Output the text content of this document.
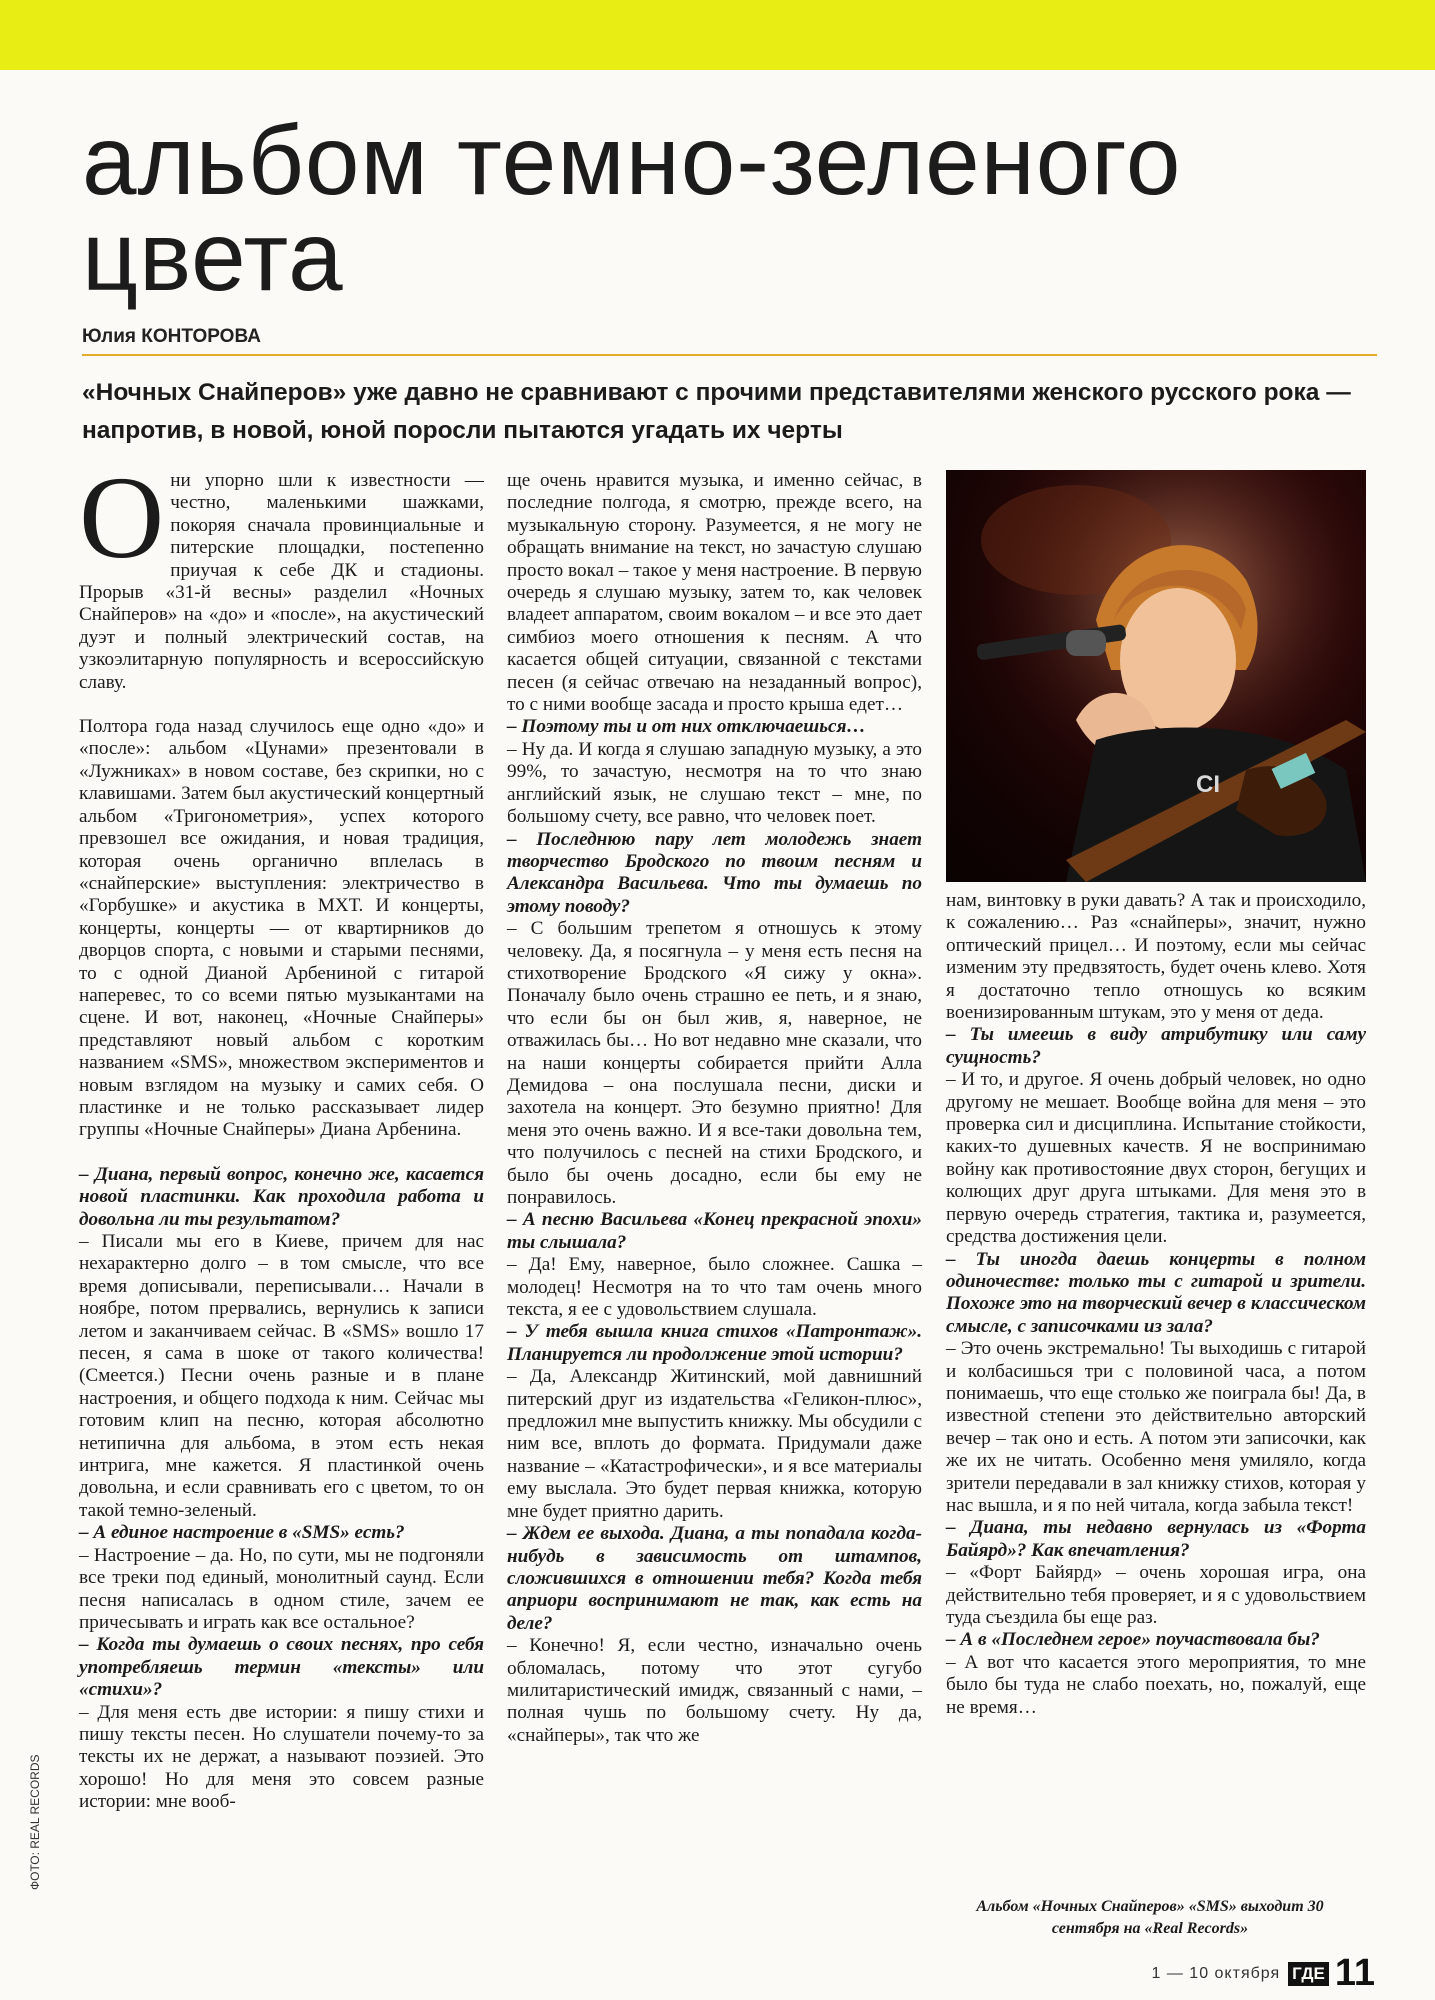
альбом темно-зеленого
цвета
Юлия КОНТОРОВА

«Ночных Снайперов» уже давно не сравнивают с прочими представителями женского русского рока — напротив, в новой, юной поросли пытаются угадать их черты

Они упорно шли к известности — честно, маленькими шажками, покоряя сначала провинциальные и питерские площадки, постепенно приучая к себе ДК и стадионы. Прорыв «31-й весны» разделил «Ночных Снайперов» на «до» и «после», на акустический дуэт и полный электрический состав, на узкоэлитарную популярность и всероссийскую славу.

Полтора года назад случилось еще одно «до» и «после»: альбом «Цунами» презентовали в «Лужниках» в новом составе, без скрипки, но с клавишами. Затем был акустический концертный альбом «Тригонометрия», успех которого превзошел все ожидания, и новая традиция, которая очень органично вплелась в «снайперские» выступления: электричество в «Горбушке» и акустика в МХТ. И концерты, концерты, концерты — от квартирников до дворцов спорта, с новыми и старыми песнями, то с одной Дианой Арбениной с гитарой наперевес, то со всеми пятью музыкантами на сцене. И вот, наконец, «Ночные Снайперы» представляют новый альбом с коротким названием «SMS», множеством экспериментов и новым взглядом на музыку и самих себя. О пластинке и не только рассказывает лидер группы «Ночные Снайперы» Диана Арбенина.

– Диана, первый вопрос, конечно же, касается новой пластинки. Как проходила работа и довольна ли ты результатом?

– Писали мы его в Киеве, причем для нас нехарактерно долго – в том смысле, что все время дописывали, переписывали… Начали в ноябре, потом прервались, вернулись к записи летом и заканчиваем сейчас. В «SMS» вошло 17 песен, я сама в шоке от такого количества! (Смеется.) Песни очень разные и в плане настроения, и общего подхода к ним. Сейчас мы готовим клип на песню, которая абсолютно нетипична для альбома, в этом есть некая интрига, мне кажется. Я пластинкой очень довольна, и если сравнивать его с цветом, то он такой темно-зеленый.

– А единое настроение в «SMS» есть?

– Настроение – да. Но, по сути, мы не подгоняли все треки под единый, монолитный саунд. Если песня написалась в одном стиле, зачем ее причесывать и играть как все остальное?

– Когда ты думаешь о своих песнях, про себя употребляешь термин «тексты» или «стихи»?

– Для меня есть две истории: я пишу стихи и пишу тексты песен. Но слушатели почему-то за тексты их не держат, а называют поэзией. Это хорошо! Но для меня это совсем разные истории: мне вооб-

ще очень нравится музыка, и именно сейчас, в последние полгода, я смотрю, прежде всего, на музыкальную сторону. Разумеется, я не могу не обращать внимание на текст, но зачастую слушаю просто вокал – такое у меня настроение. В первую очередь я слушаю музыку, затем то, как человек владеет аппаратом, своим вокалом – и все это дает симбиоз моего отношения к песням. А что касается общей ситуации, связанной с текстами песен (я сейчас отвечаю на незаданный вопрос), то с ними вообще засада и просто крыша едет…

– Поэтому ты и от них отключаешься…

– Ну да. И когда я слушаю западную музыку, а это 99%, то зачастую, несмотря на то что знаю английский язык, не слушаю текст – мне, по большому счету, все равно, что человек поет.

– Последнюю пару лет молодежь знает творчество Бродского по твоим песням и Александра Васильева. Что ты думаешь по этому поводу?

– С большим трепетом я отношусь к этому человеку. Да, я посягнула – у меня есть песня на стихотворение Бродского «Я сижу у окна». Поначалу было очень страшно ее петь, и я знаю, что если бы он был жив, я, наверное, не отважилась бы… Но вот недавно мне сказали, что на наши концерты собирается прийти Алла Демидова – она послушала песни, диски и захотела на концерт. Это безумно приятно! Для меня это очень важно. И я все-таки довольна тем, что получилось с песней на стихи Бродского, и было бы очень досадно, если бы ему не понравилось.

– А песню Васильева «Конец прекрасной эпохи» ты слышала?

– Да! Ему, наверное, было сложнее. Сашка – молодец! Несмотря на то что там очень много текста, я ее с удовольствием слушала.

– У тебя вышла книга стихов «Патронтаж». Планируется ли продолжение этой истории?

– Да, Александр Житинский, мой давнишний питерский друг из издательства «Геликон-плюс», предложил мне выпустить книжку. Мы обсудили с ним все, вплоть до формата. Придумали даже название – «Катастрофически», и я все материалы ему выслала. Это будет первая книжка, которую мне будет приятно дарить.

– Ждем ее выхода. Диана, а ты попадала когда-нибудь в зависимость от штампов, сложившихся в отношении тебя? Когда тебя априори воспринимают не так, как есть на деле?

– Конечно! Я, если честно, изначально очень обломалась, потому что этот сугубо милитаристический имидж, связанный с нами, – полная чушь по большому счету. Ну да, «снайперы», так что же

CI

нам, винтовку в руки давать? А так и происходило, к сожалению… Раз «снайперы», значит, нужно оптический прицел… И поэтому, если мы сейчас изменим эту предвзятость, будет очень клево. Хотя я достаточно тепло отношусь ко всяким военизированным штукам, это у меня от деда.

– Ты имеешь в виду атрибутику или саму сущность?

– И то, и другое. Я очень добрый человек, но одно другому не мешает. Вообще война для меня – это проверка сил и дисциплина. Испытание стойкости, каких-то душевных качеств. Я не воспринимаю войну как противостояние двух сторон, бегущих и колющих друг друга штыками. Для меня это в первую очередь стратегия, тактика и, разумеется, средства достижения цели.

– Ты иногда даешь концерты в полном одиночестве: только ты с гитарой и зрители. Похоже это на творческий вечер в классическом смысле, с записочками из зала?

– Это очень экстремально! Ты выходишь с гитарой и колбасишься три с половиной часа, а потом понимаешь, что еще столько же поиграла бы! Да, в известной степени это действительно авторский вечер – так оно и есть. А потом эти записочки, как же их не читать. Особенно меня умиляло, когда зрители передавали в зал книжку стихов, которая у нас вышла, и я по ней читала, когда забыла текст!

– Диана, ты недавно вернулась из «Форта Байярд»? Как впечатления?

– «Форт Байярд» – очень хорошая игра, она действительно тебя проверяет, и я с удовольствием туда съездила бы еще раз.

– А в «Последнем герое» поучаствовала бы?

– А вот что касается этого мероприятия, то мне было бы туда не слабо поехать, но, пожалуй, еще не время…

Альбом «Ночных Снайперов» «SMS» выходит 30 сентября на «Real Records»
ФОТО: REAL RECORDS
1 — 10 октября ГДЕ 11
